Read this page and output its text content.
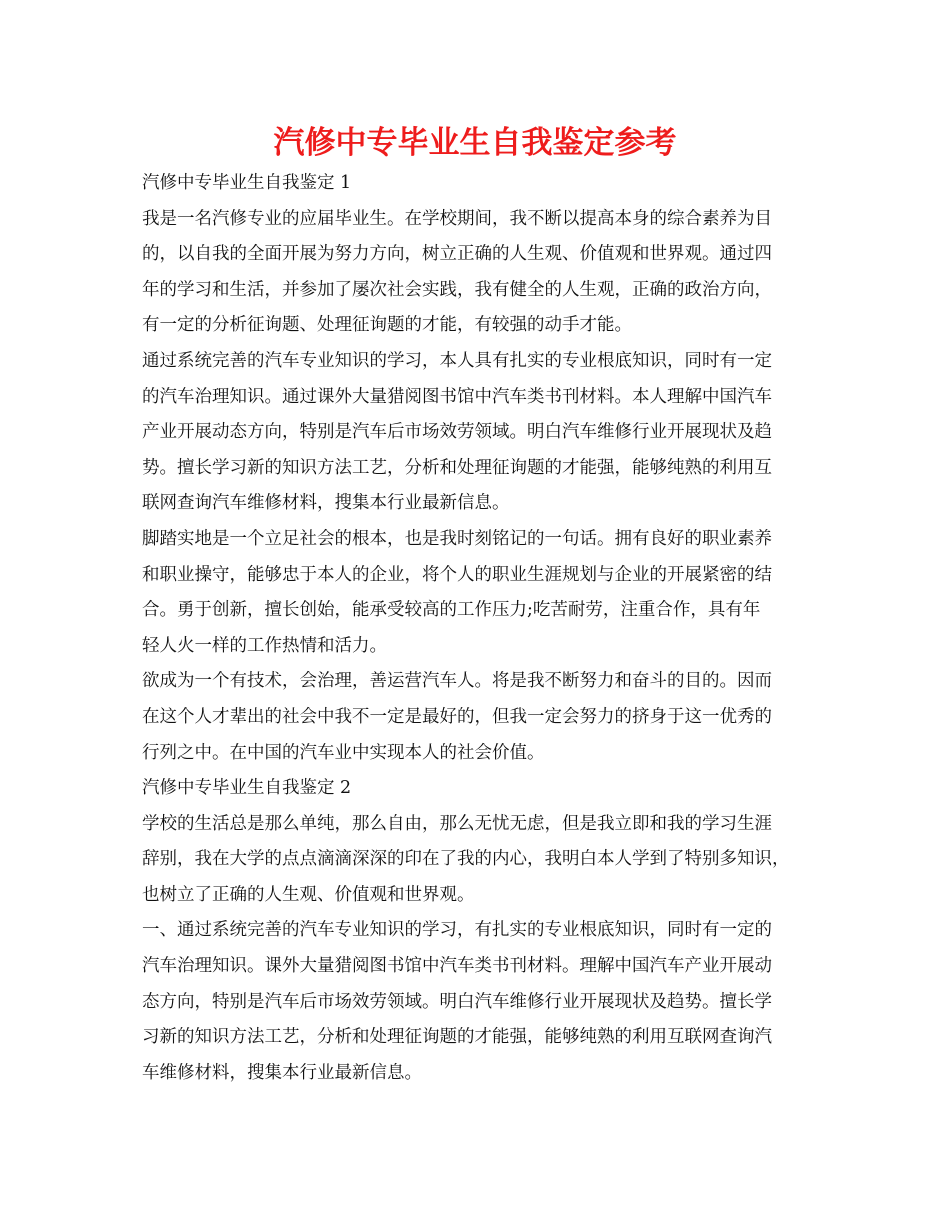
汽修中专毕业生自我鉴定参考

汽修中专毕业生自我鉴定 1

我是一名汽修专业的应届毕业生。在学校期间，我不断以提高本身的综合素养为目

的，以自我的全面开展为努力方向，树立正确的人生观、价值观和世界观。通过四

年的学习和生活，并参加了屡次社会实践，我有健全的人生观，正确的政治方向，

有一定的分析征询题、处理征询题的才能，有较强的动手才能。

通过系统完善的汽车专业知识的学习，本人具有扎实的专业根底知识，同时有一定

的汽车治理知识。通过课外大量猎阅图书馆中汽车类书刊材料。本人理解中国汽车

产业开展动态方向，特别是汽车后市场效劳领域。明白汽车维修行业开展现状及趋

势。擅长学习新的知识方法工艺，分析和处理征询题的才能强，能够纯熟的利用互

联网查询汽车维修材料，搜集本行业最新信息。

脚踏实地是一个立足社会的根本，也是我时刻铭记的一句话。拥有良好的职业素养

和职业操守，能够忠于本人的企业，将个人的职业生涯规划与企业的开展紧密的结

合。勇于创新，擅长创始，能承受较高的工作压力;吃苦耐劳，注重合作，具有年

轻人火一样的工作热情和活力。

欲成为一个有技术，会治理，善运营汽车人。将是我不断努力和奋斗的目的。因而

在这个人才辈出的社会中我不一定是最好的，但我一定会努力的挤身于这一优秀的

行列之中。在中国的汽车业中实现本人的社会价值。

汽修中专毕业生自我鉴定 2

学校的生活总是那么单纯，那么自由，那么无忧无虑，但是我立即和我的学习生涯

辞别，我在大学的点点滴滴深深的印在了我的内心，我明白本人学到了特别多知识，

也树立了正确的人生观、价值观和世界观。

一、通过系统完善的汽车专业知识的学习，有扎实的专业根底知识，同时有一定的

汽车治理知识。课外大量猎阅图书馆中汽车类书刊材料。理解中国汽车产业开展动

态方向，特别是汽车后市场效劳领域。明白汽车维修行业开展现状及趋势。擅长学

习新的知识方法工艺，分析和处理征询题的才能强，能够纯熟的利用互联网查询汽

车维修材料，搜集本行业最新信息。
